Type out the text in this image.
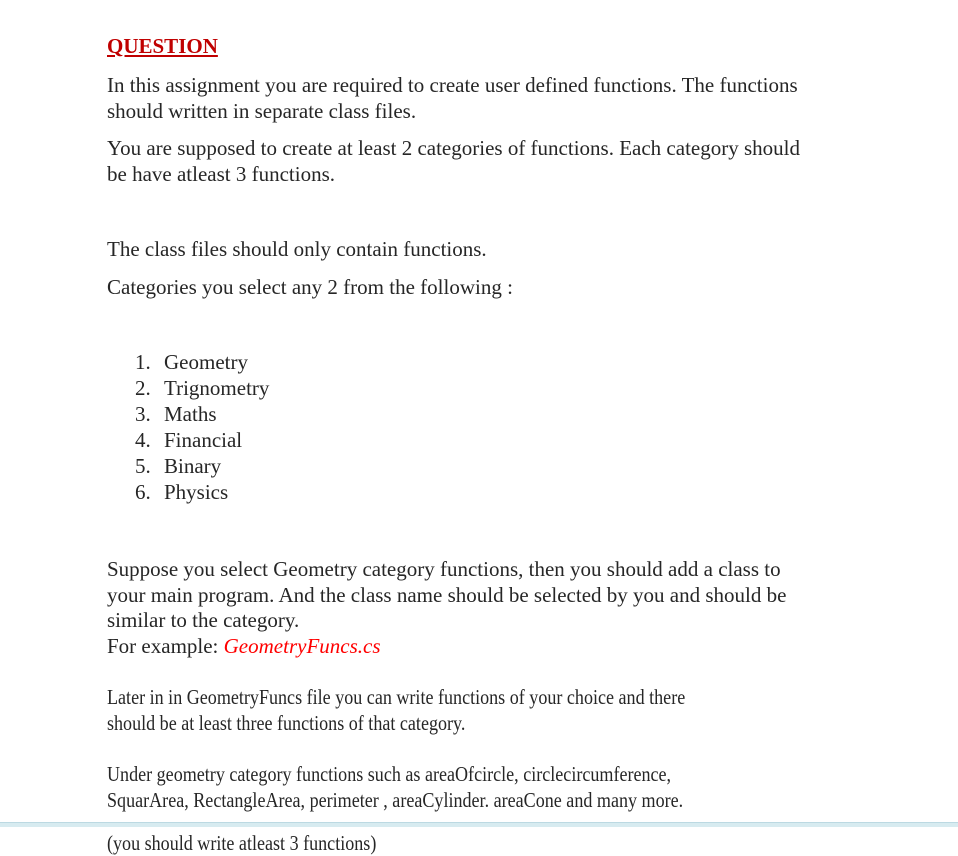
QUESTION

In this assignment you are required to create user defined functions. The functions

should written in separate class files.

You are supposed to create at least 2 categories of functions. Each category should

be have atleast 3 functions.

The class files should only contain functions.

Categories you select any 2 from the following :

1. Geometry
2. Trignometry
3. Maths
4. Financial
5. Binary
6. Physics

Suppose you select Geometry category functions, then you should add a class to

your main program. And the class name should be selected by you and should be

similar to the category.

For example: GeometryFuncs.cs

Later in in GeometryFuncs file you can write functions of your choice and there

should be at least three functions of that category.

Under geometry category functions such as areaOfcircle, circlecircumference,

SquarArea, RectangleArea, perimeter , areaCylinder. areaCone and many more.

(you should write atleast 3 functions)
